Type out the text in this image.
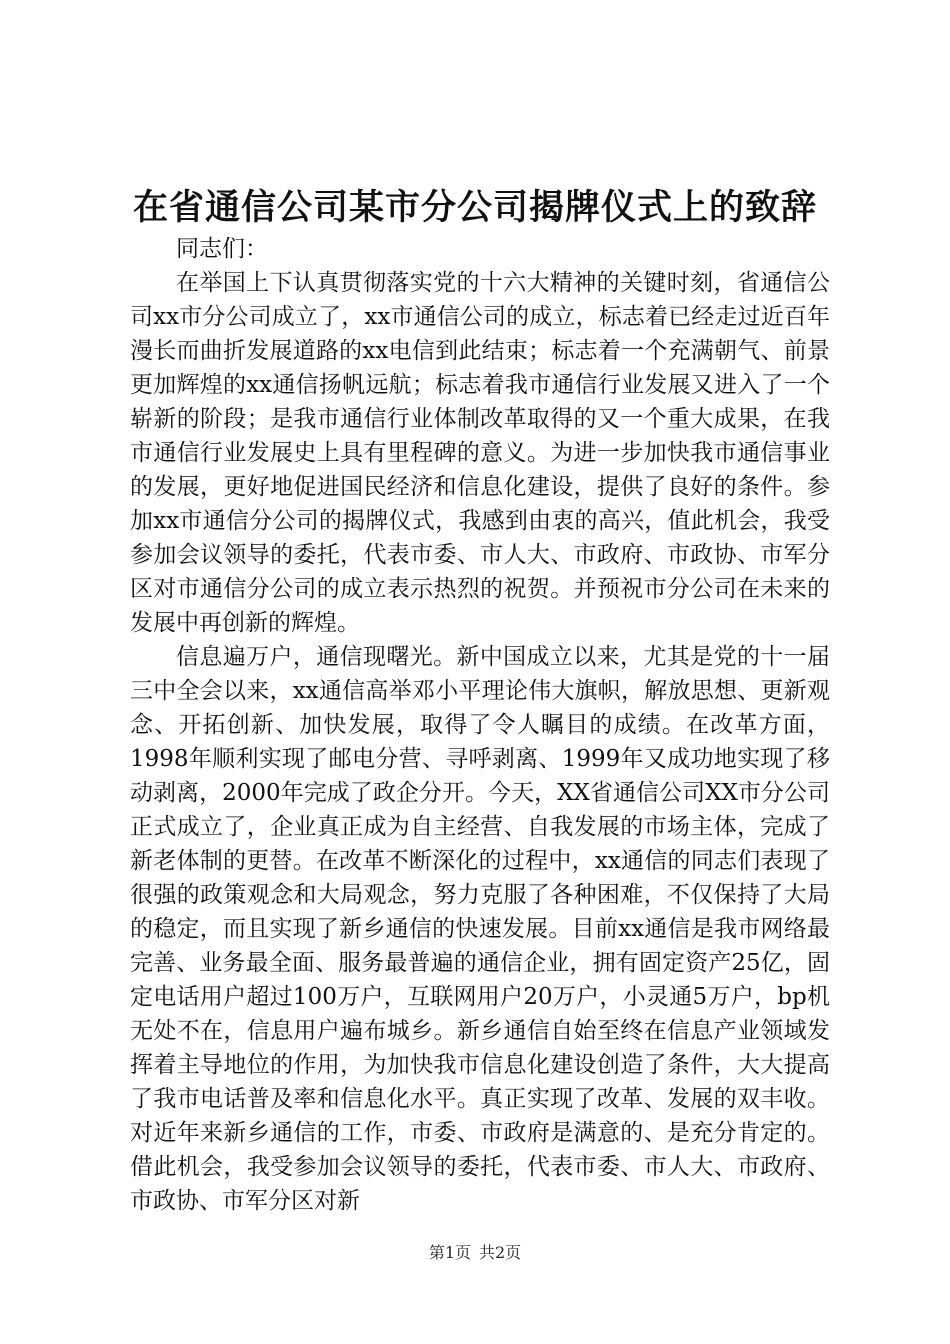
在省通信公司某市分公司揭牌仪式上的致辞

同志们：

在举国上下认真贯彻落实党的十六大精神的关键时刻，省通信公司xx市分公司成立了，xx市通信公司的成立，标志着已经走过近百年漫长而曲折发展道路的xx电信到此结束；标志着一个充满朝气、前景更加辉煌的xx通信扬帆远航；标志着我市通信行业发展又进入了一个崭新的阶段；是我市通信行业体制改革取得的又一个重大成果，在我市通信行业发展史上具有里程碑的意义。为进一步加快我市通信事业的发展，更好地促进国民经济和信息化建设，提供了良好的条件。参加xx市通信分公司的揭牌仪式，我感到由衷的高兴，值此机会，我受参加会议领导的委托，代表市委、市人大、市政府、市政协、市军分区对市通信分公司的成立表示热烈的祝贺。并预祝市分公司在未来的发展中再创新的辉煌。

信息遍万户，通信现曙光。新中国成立以来，尤其是党的十一届三中全会以来，xx通信高举邓小平理论伟大旗帜，解放思想、更新观念、开拓创新、加快发展，取得了令人瞩目的成绩。在改革方面，1998年顺利实现了邮电分营、寻呼剥离、1999年又成功地实现了移动剥离，2000年完成了政企分开。今天，XX省通信公司XX市分公司正式成立了，企业真正成为自主经营、自我发展的市场主体，完成了新老体制的更替。在改革不断深化的过程中，xx通信的同志们表现了很强的政策观念和大局观念，努力克服了各种困难，不仅保持了大局的稳定，而且实现了新乡通信的快速发展。目前xx通信是我市网络最完善、业务最全面、服务最普遍的通信企业，拥有固定资产25亿，固定电话用户超过100万户，互联网用户20万户，小灵通5万户，bp机无处不在，信息用户遍布城乡。新乡通信自始至终在信息产业领域发挥着主导地位的作用，为加快我市信息化建设创造了条件，大大提高了我市电话普及率和信息化水平。真正实现了改革、发展的双丰收。对近年来新乡通信的工作，市委、市政府是满意的、是充分肯定的。借此机会，我受参加会议领导的委托，代表市委、市人大、市政府、市政协、市军分区对新

第1页 共2页
